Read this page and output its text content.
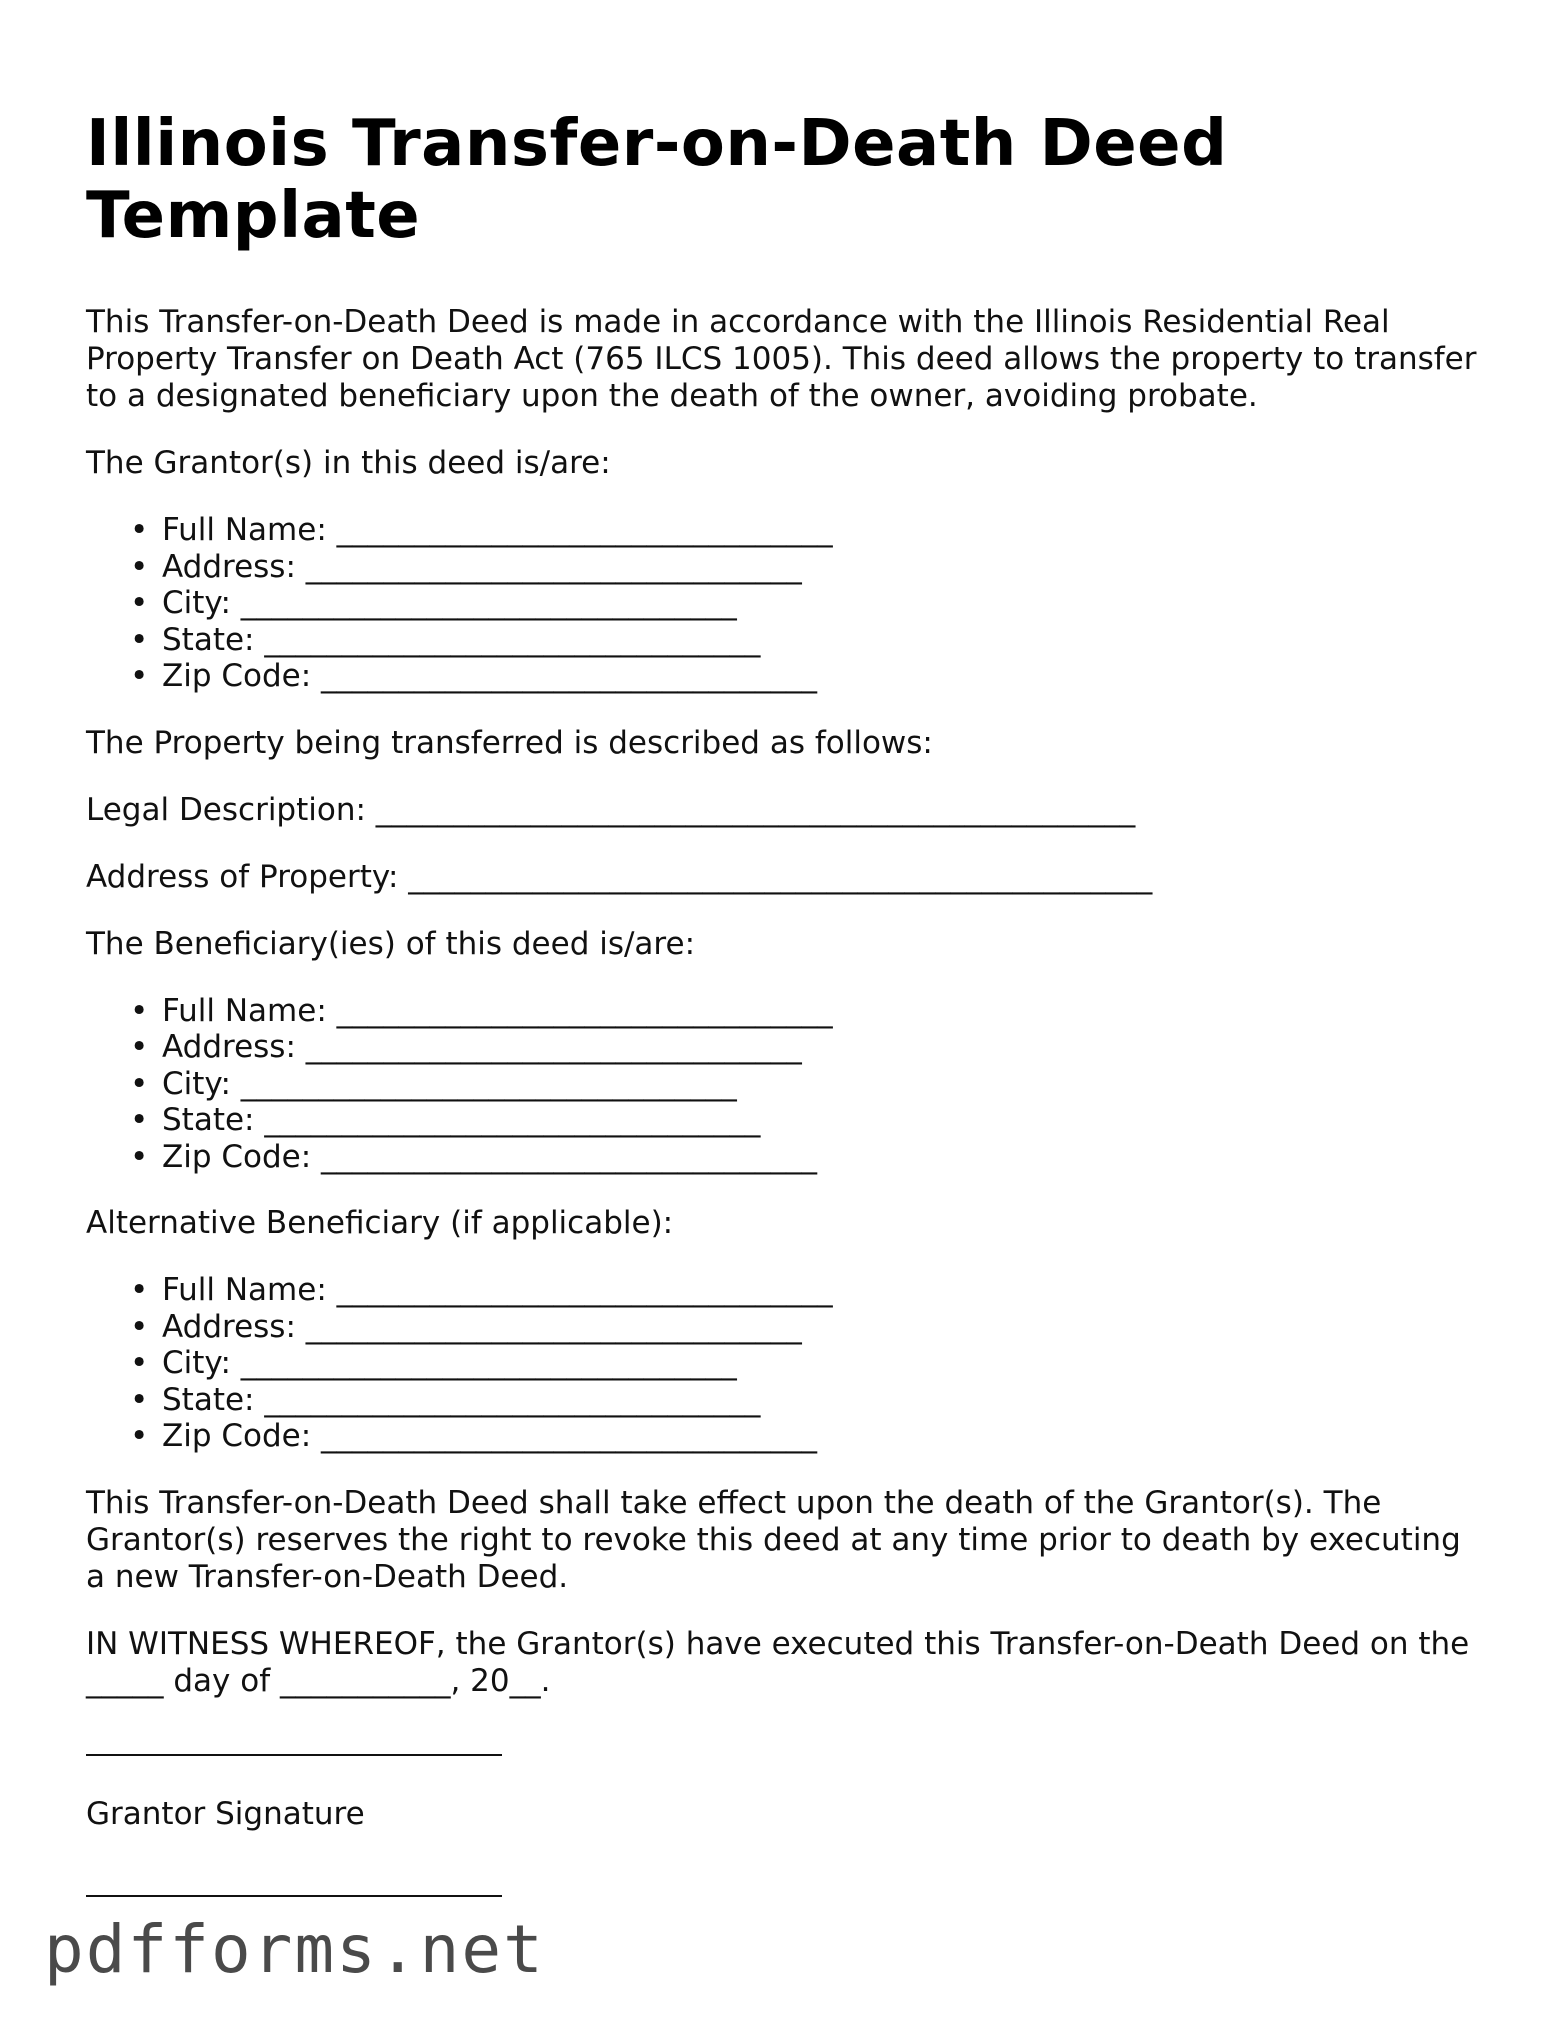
Illinois Transfer-on-Death Deed Template

This Transfer-on-Death Deed is made in accordance with the Illinois Residential Real Property Transfer on Death Act (765 ILCS 1005). This deed allows the property to transfer to a designated beneficiary upon the death of the owner, avoiding probate.

The Grantor(s) in this deed is/are:

• Full Name: ________________________________
• Address: ________________________________
• City: ________________________________
• State: ________________________________
• Zip Code: ________________________________

The Property being transferred is described as follows:

Legal Description: _________________________________________________

Address of Property: ________________________________________________

The Beneficiary(ies) of this deed is/are:

• Full Name: ________________________________
• Address: ________________________________
• City: ________________________________
• State: ________________________________
• Zip Code: ________________________________

Alternative Beneficiary (if applicable):

• Full Name: ________________________________
• Address: ________________________________
• City: ________________________________
• State: ________________________________
• Zip Code: ________________________________

This Transfer-on-Death Deed shall take effect upon the death of the Grantor(s). The Grantor(s) reserves the right to revoke this deed at any time prior to death by executing a new Transfer-on-Death Deed.

IN WITNESS WHEREOF, the Grantor(s) have executed this Transfer-on-Death Deed on the _____ day of ___________, 20__.

Grantor Signature
pdfforms.net
